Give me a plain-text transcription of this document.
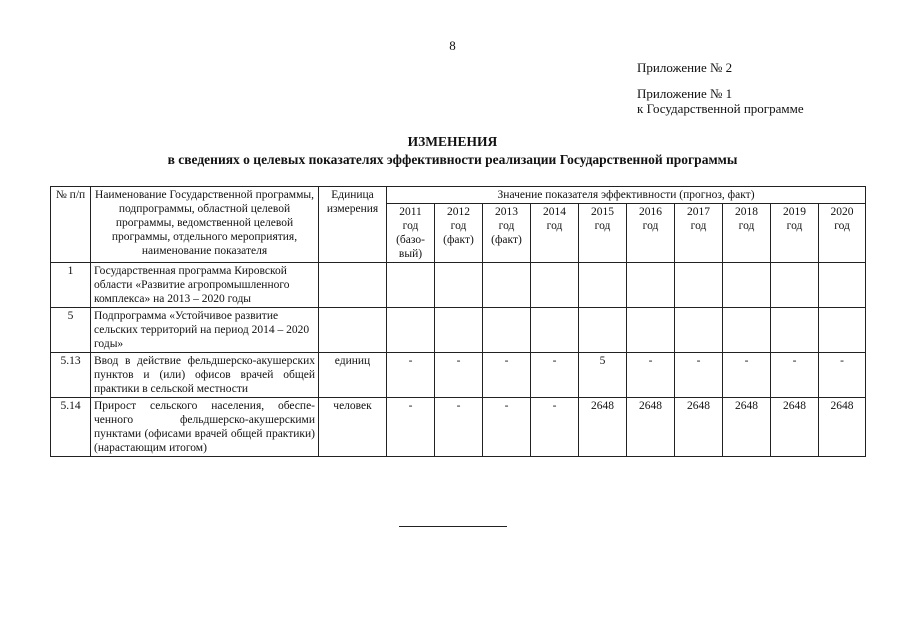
8
Приложение № 2
Приложение № 1
к Государственной программе
ИЗМЕНЕНИЯ
в сведениях о целевых показателях эффективности реализации Государственной программы
№ п/п	Наименование Государственной программы, подпрограммы, областной целевой программы, ведомственной целевой программы, отдельного мероприятия, наименование показателя	Единица измерения	Значение показателя эффективности (прогноз, факт)									
			2011 год (базо-вый)	2012 год (факт)	2013 год (факт)	2014 год	2015 год	2016 год	2017 год	2018 год	2019 год	2020 год
1	Государственная программа Кировской области «Развитие агропромышленного комплекса» на 2013 – 2020 годы											
5	Подпрограмма «Устойчивое развитие сельских территорий на период 2014 – 2020 годы»											
5.13	Ввод в действие фельдшерско-акушерских пунктов и (или) офисов врачей общей практики в сельской местности	единиц	-	-	-	-	5	-	-	-	-	-
5.14	Прирост сельского населения, обеспе-ченного фельдшерско-акушерскими пунктами (офисами врачей общей практики) (нарастающим итогом)	человек	-	-	-	-	2648	2648	2648	2648	2648	2648
